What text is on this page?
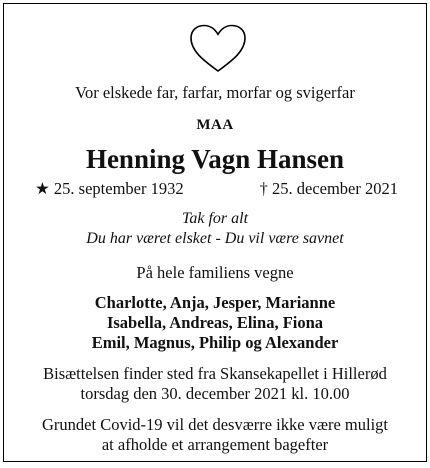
Vor elskede far, farfar, morfar og svigerfar
MAA
Henning Vagn Hansen
★ 25. september 1932	† 25. december 2021
Tak for alt
Du har været elsket - Du vil være savnet
På hele familiens vegne
Charlotte, Anja, Jesper, Marianne
Isabella, Andreas, Elina, Fiona
Emil, Magnus, Philip og Alexander
Bisættelsen finder sted fra Skansekapellet i Hillerød
torsdag den 30. december 2021 kl. 10.00
Grundet Covid-19 vil det desværre ikke være muligt
at afholde et arrangement bagefter
